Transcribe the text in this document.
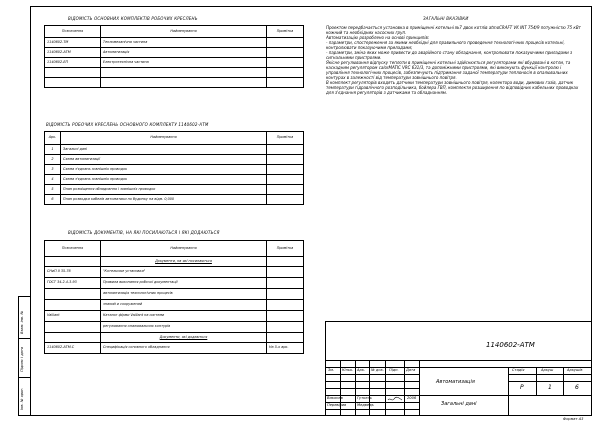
Взам. інв. №
Підпис і дата
Інв. № ориг.
ВІДОМІСТЬ ОСНОВНИХ КОМПЛЕКТІВ РОБОЧИХ КРЕСЛЕНЬ
Позначення	Найменування	Примітка
1140602-ТМ	Тепломеханічна частина	
1140602-АТМ	Автоматизація	
1140602-ЕП	Електротехнічна частина	

ВІДОМІСТЬ РОБОЧИХ КРЕСЛЕНЬ ОСНОВНОГО КОМПЛЕКТУ 1140602-АТМ
Арк.	Найменування	Примітка
1	Загальні дані	
2	Схема автоматизації	
3	Схема з'єднань зовнішніх проводок	
4	Схема з'єднань зовнішніх проводок	
5	План розміщення обладнання і зовнішніх проводок	
6	План розводки кабелів автоматики по будинку на відм. 0,000	
ВІДОМІСТЬ ДОКУМЕНТІВ, НА ЯКІ ПОСИЛАЮТЬСЯ І ЯКІ ДОДАЮТЬСЯ
Позначення	Найменування	Примітка
	Документи, на які посилаються	
СНиП II 35-76	"Котельные установки"	
ГОСТ 34.2.4-3-93	Правила виконання робочої документації	
	автоматизація технологічних процесів	
	знаний и сооружений	
Vaillant	Каталог фірми Vaillant на системи	
	регулювання опалювальних контурів	
	Документи, які додаються	
1140602-АТМ.С	Специфікація основного обладнання	На 5-х арк.
ЗАГАЛЬНІ ВКАЗІВКИ
Проектом передбачається установка в приміщенні котельні №7 двох котлів atmoCRAFT VK INT 754/9 потужністю 75 кВт кожний та необхідних насосних груп.
Автоматизацію розроблено на основі принципів:
- параметри, спостереження за якими необхідні для правильного проведення технологічних процесів котельні, контролювати показуючими приладами;
- параметри, зміна яких може привести до аварійного стану обладнання, контролювати показуючими приладами з сигнальними пристроями.
Якісне регулювання відпуску теплоти в приміщенні котельні здійснюється регуляторами які вбудовані в котли, та каскадним регулятором calorMATIC VRC 631/3, та допоміжними пристроями, які виконують функції контролю і управління технологічних процесів, забезпечують підтримання заданої температури теплоносія в опалювальних контурах в залежності від температури зовнішнього повітря.
В комплект регуляторів входять датчики температури зовнішнього повітря, колектора води, димових газів, датчик температури гідравлічного розподільника, бойлера ГВП, комплекти розширення по відповідних кабельних проводках для з'єднання регуляторів з датчиками та обладнанням.
1140602-АТМ
Зм. Кільк. Арк. № док. Підп. Дата
Виконав
Перевірив
Гуткель
Медведь
2006
Автоматизація
Загальні дані
Стадія	Аркуш	Аркушів
Р	1	6
Формат А3
